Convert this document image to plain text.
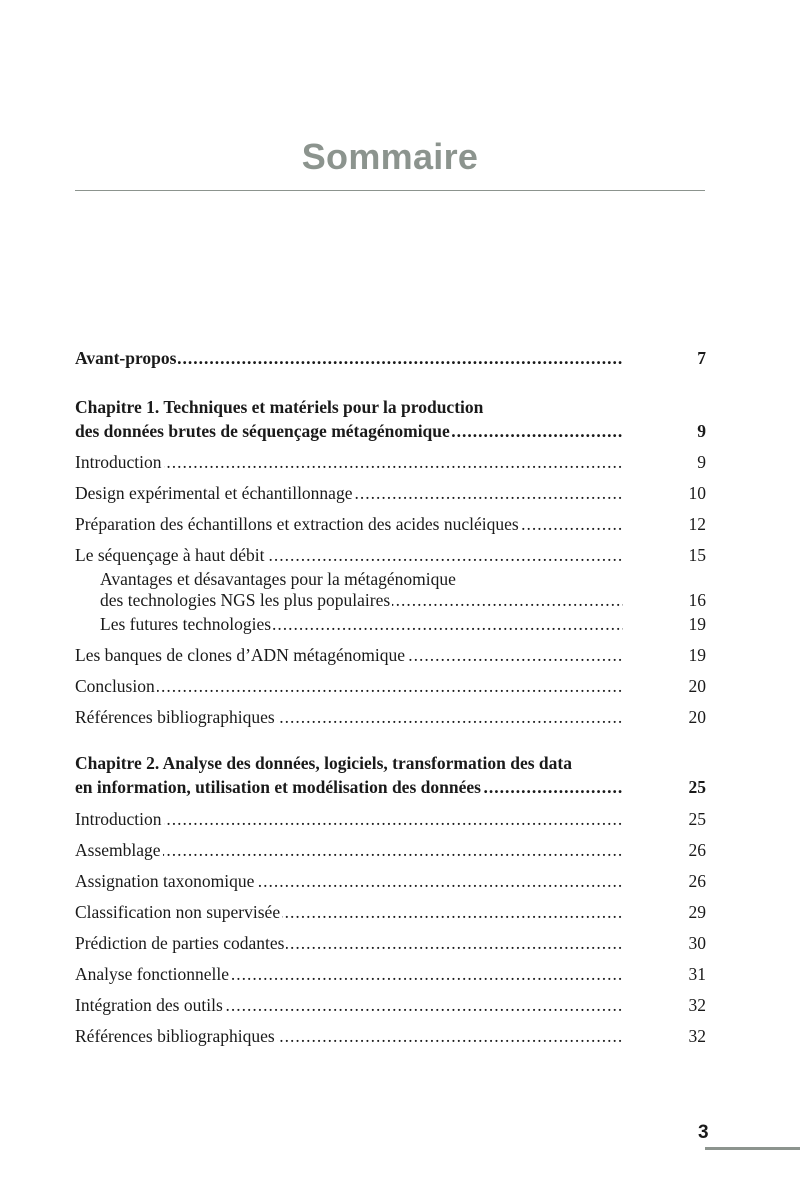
Sommaire
Avant-propos .....	7
Chapitre 1. Techniques et matériels pour la production
des données brutes de séquençage métagénomique .....	9
Introduction .....	9
Design expérimental et échantillonnage .....	10
Préparation des échantillons et extraction des acides nucléiques .....	12
Le séquençage à haut débit .....	15
Avantages et désavantages pour la métagénomique
des technologies NGS les plus populaires .....	16
Les futures technologies .....	19
Les banques de clones d’ADN métagénomique .....	19
Conclusion .....	20
Références bibliographiques .....	20
Chapitre 2. Analyse des données, logiciels, transformation des data
en information, utilisation et modélisation des données .....	25
Introduction .....	25
Assemblage .....	26
Assignation taxonomique .....	26
Classification non supervisée .....	29
Prédiction de parties codantes .....	30
Analyse fonctionnelle .....	31
Intégration des outils .....	32
Références bibliographiques .....	32
3
